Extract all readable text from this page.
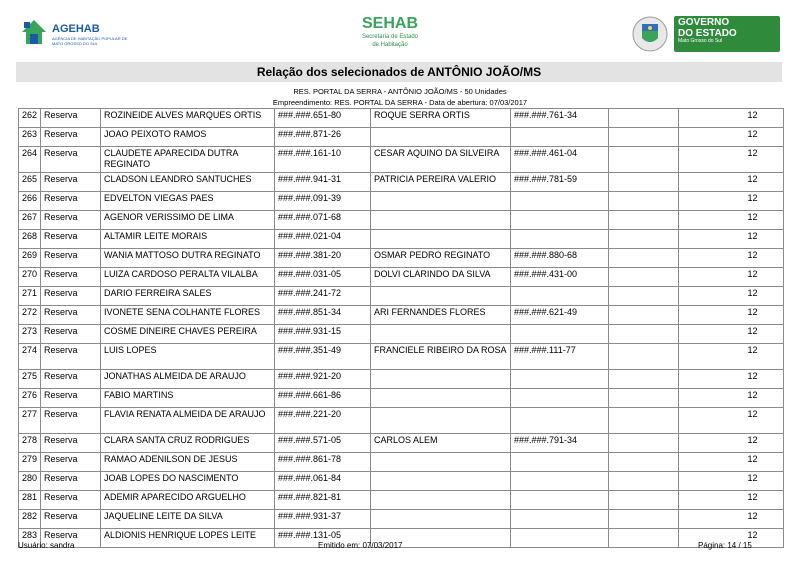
AGEHAB
AGÊNCIA DE HABITAÇÃO POPULAR DE MATO GROSSO DO SUL
SEHAB
Secretaria de Estado
de Habitação
GOVERNO
DO ESTADO
Mato Grosso do Sul
Relação dos selecionados de ANTÔNIO JOÃO/MS
RES. PORTAL DA SERRA - ANTÔNIO JOÃO/MS - 50 Unidades
Empreendimento: RES. PORTAL DA SERRA - Data de abertura: 07/03/2017
262	Reserva	ROZINEIDE ALVES MARQUES ORTIS	###.###.651-80	ROQUE SERRA ORTIS	###.###.761-34		12
263	Reserva	JOAO PEIXOTO RAMOS	###.###.871-26				12
264	Reserva	CLAUDETE APARECIDA DUTRA REGINATO	###.###.161-10	CESAR AQUINO DA SILVEIRA	###.###.461-04		12
265	Reserva	CLADSON LEANDRO SANTUCHES	###.###.941-31	PATRICIA PEREIRA VALERIO	###.###.781-59		12
266	Reserva	EDVELTON VIEGAS PAES	###.###.091-39				12
267	Reserva	AGENOR VERISSIMO DE LIMA	###.###.071-68				12
268	Reserva	ALTAMIR LEITE MORAIS	###.###.021-04				12
269	Reserva	WANIA MATTOSO DUTRA REGINATO	###.###.381-20	OSMAR PEDRO REGINATO	###.###.880-68		12
270	Reserva	LUIZA CARDOSO PERALTA VILALBA	###.###.031-05	DOLVI CLARINDO DA SILVA	###.###.431-00		12
271	Reserva	DARIO FERREIRA SALES	###.###.241-72				12
272	Reserva	IVONETE SENA COLHANTE FLORES	###.###.851-34	ARI FERNANDES FLORES	###.###.621-49		12
273	Reserva	COSME DINEIRE CHAVES PEREIRA	###.###.931-15				12
274	Reserva	LUIS LOPES	###.###.351-49	FRANCIELE RIBEIRO DA ROSA	###.###.111-77		12
275	Reserva	JONATHAS ALMEIDA DE ARAUJO	###.###.921-20				12
276	Reserva	FABIO MARTINS	###.###.661-86				12
277	Reserva	FLAVIA RENATA ALMEIDA DE ARAUJO	###.###.221-20				12
278	Reserva	CLARA SANTA CRUZ RODRIGUES	###.###.571-05	CARLOS ALEM	###.###.791-34		12
279	Reserva	RAMAO ADENILSON DE JESUS	###.###.861-78				12
280	Reserva	JOAB LOPES DO NASCIMENTO	###.###.061-84				12
281	Reserva	ADEMIR APARECIDO ARGUELHO	###.###.821-81				12
282	Reserva	JAQUELINE LEITE DA SILVA	###.###.931-37				12
283	Reserva	ALDIONIS HENRIQUE LOPES LEITE	###.###.131-05				12
Usuário: sandra	Emitido em: 07/03/2017	Página: 14 / 15
